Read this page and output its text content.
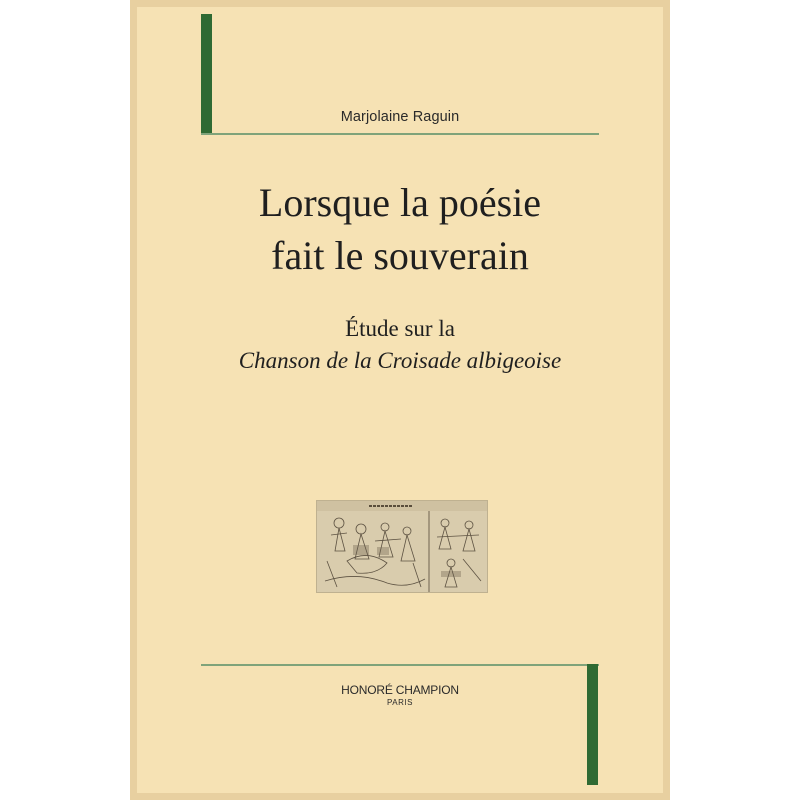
Marjolaine Raguin
Lorsque la poésie
fait le souverain
Étude sur la
Chanson de la Croisade albigeoise
HONORÉ CHAMPION
PARIS
